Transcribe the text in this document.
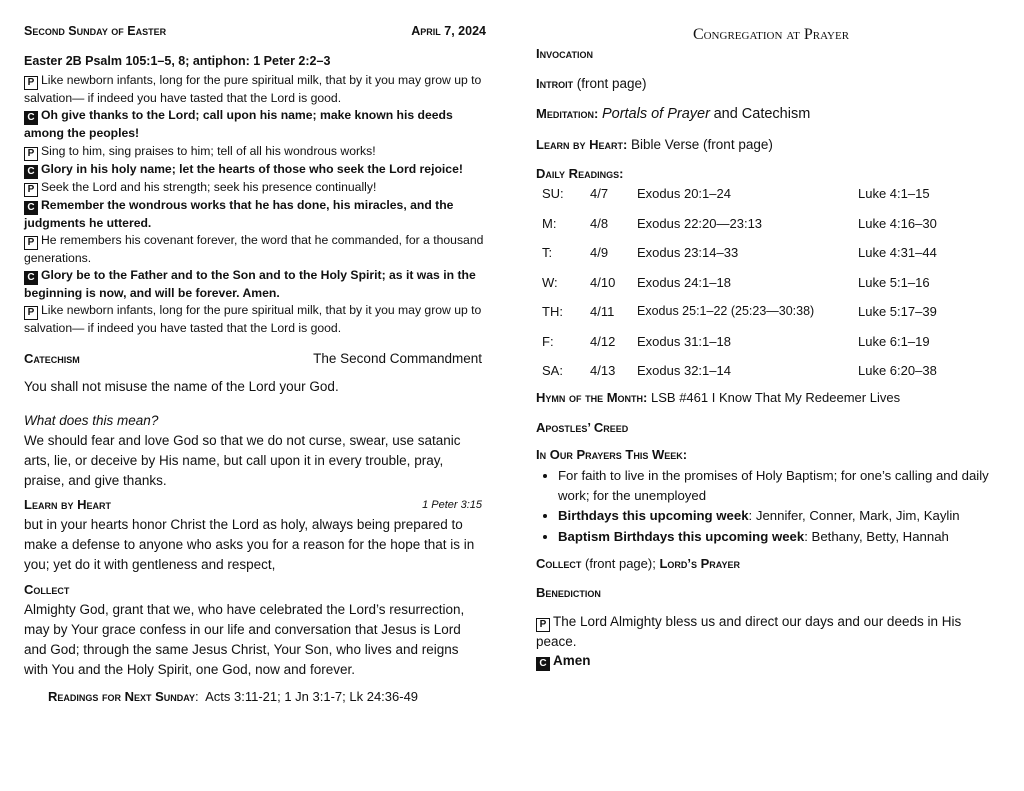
Second Sunday of Easter	April 7, 2024
Easter 2B Psalm 105:1–5, 8; antiphon: 1 Peter 2:2–3

P Like newborn infants, long for the pure spiritual milk, that by it you may grow up to salvation— if indeed you have tasted that the Lord is good.

C Oh give thanks to the Lord; call upon his name; make known his deeds among the peoples!

P Sing to him, sing praises to him; tell of all his wondrous works!

C Glory in his holy name; let the hearts of those who seek the Lord rejoice!

P Seek the Lord and his strength; seek his presence continually!

C Remember the wondrous works that he has done, his miracles, and the judgments he uttered.

P He remembers his covenant forever, the word that he commanded, for a thousand generations.

C Glory be to the Father and to the Son and to the Holy Spirit; as it was in the beginning is now, and will be forever. Amen.

P Like newborn infants, long for the pure spiritual milk, that by it you may grow up to salvation— if indeed you have tasted that the Lord is good.

Catechism	The Second Commandment
You shall not misuse the name of the Lord your God.
What does this mean?
We should fear and love God so that we do not curse, swear, use satanic arts, lie, or deceive by His name, but call upon it in every trouble, pray, praise, and give thanks.
Learn by Heart	1 Peter 3:15
but in your hearts honor Christ the Lord as holy, always being prepared to make a defense to anyone who asks you for a reason for the hope that is in you; yet do it with gentleness and respect,
Collect
Almighty God, grant that we, who have celebrated the Lord’s resurrection, may by Your grace confess in our life and conversation that Jesus is Lord and God; through the same Jesus Christ, Your Son, who lives and reigns with You and the Holy Spirit, one God, now and forever.
Readings for Next Sunday:  Acts 3:11-21; 1 Jn 3:1-7; Lk 24:36-49
Congregation at Prayer
Invocation
Introit (front page)
Meditation: Portals of Prayer and Catechism
Learn by Heart: Bible Verse (front page)
Daily Readings:
SU:	4/7	Exodus 20:1–24	Luke 4:1–15
M:	4/8	Exodus 22:20—23:13	Luke 4:16–30
T:	4/9	Exodus 23:14–33	Luke 4:31–44
W:	4/10	Exodus 24:1–18	Luke 5:1–16
TH:	4/11	Exodus 25:1–22 (25:23—30:38)	Luke 5:17–39
F:	4/12	Exodus 31:1–18	Luke 6:1–19
SA:	4/13	Exodus 32:1–14	Luke 6:20–38
Hymn of the Month: LSB #461 I Know That My Redeemer Lives
Apostles’ Creed
In Our Prayers This Week:
• For faith to live in the promises of Holy Baptism; for one’s calling and daily work; for the unemployed
• Birthdays this upcoming week: Jennifer, Conner, Mark, Jim, Kaylin
• Baptism Birthdays this upcoming week: Bethany, Betty, Hannah
Collect (front page); Lord’s Prayer
Benediction
P The Lord Almighty bless us and direct our days and our deeds in His peace.
C Amen
